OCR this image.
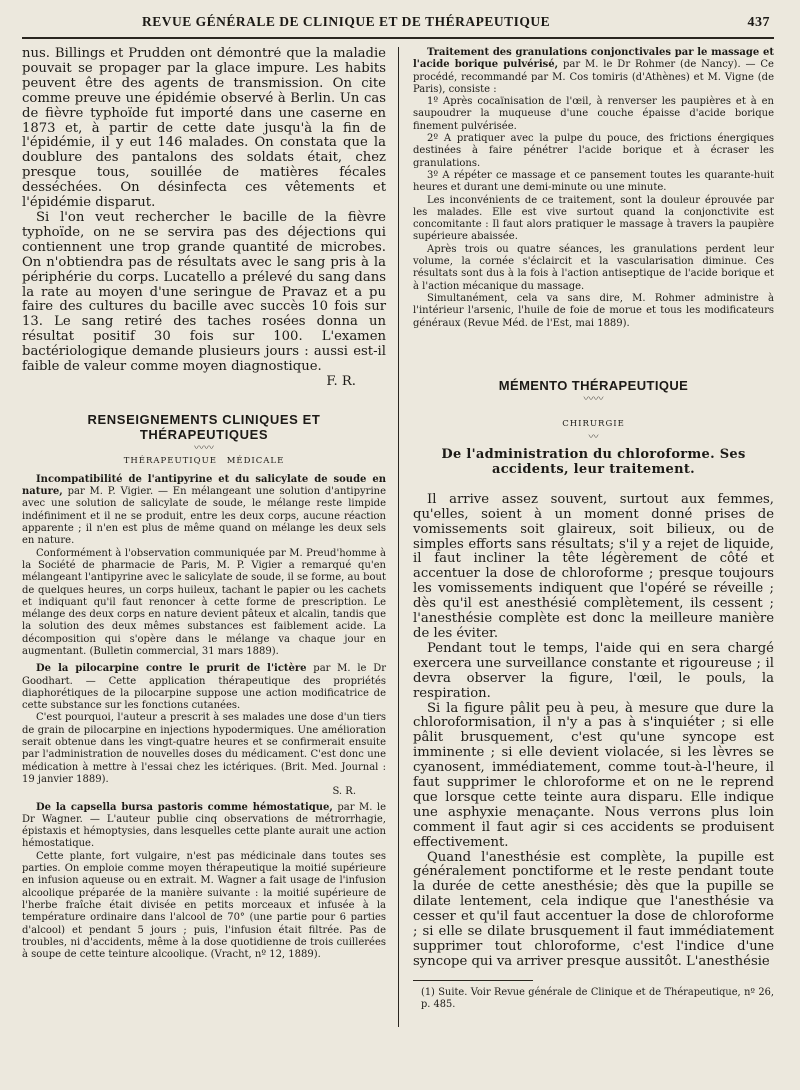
REVUE GÉNÉRALE DE CLINIQUE ET DE THÉRAPEUTIQUE	437

nus. Billings et Prudden ont démontré que la maladie pouvait se propager par la glace impure. Les habits peuvent être des agents de transmission. On cite comme preuve une épidémie observé à Berlin. Un cas de fièvre typhoïde fut importé dans une caserne en 1873 et, à partir de cette date jusqu'à la fin de l'épidémie, il y eut 146 malades. On constata que la doublure des pantalons des soldats était, chez presque tous, souillée de matières fécales desséchées. On désinfecta ces vêtements et l'épidémie disparut.

Si l'on veut rechercher le bacille de la fièvre typhoïde, on ne se servira pas des déjections qui contiennent une trop grande quantité de microbes. On n'obtiendra pas de résultats avec le sang pris à la périphérie du corps. Lucatello a prélevé du sang dans la rate au moyen d'une seringue de Pravaz et a pu faire des cultures du bacille avec succès 10 fois sur 13. Le sang retiré des taches rosées donna un résultat positif 30 fois sur 100. L'examen bactériologique demande plusieurs jours : aussi est-il faible de valeur comme moyen diagnostique.

F. R.

RENSEIGNEMENTS CLINIQUES ET THÉRAPEUTIQUES
〰〰
THÉRAPEUTIQUE MÉDICALE

Incompatibilité de l'antipyrine et du salicylate de soude en nature, par M. P. Vigier. — En mélangeant une solution d'antipyrine avec une solution de salicylate de soude, le mélange reste limpide indéfiniment et il ne se produit, entre les deux corps, aucune réaction apparente ; il n'en est plus de même quand on mélange les deux sels en nature.

Conformément à l'observation communiquée par M. Preud'homme à la Société de pharmacie de Paris, M. P. Vigier a remarqué qu'en mélangeant l'antipyrine avec le salicylate de soude, il se forme, au bout de quelques heures, un corps huileux, tachant le papier ou les cachets et indiquant qu'il faut renoncer à cette forme de prescription. Le mélange des deux corps en nature devient pâteux et alcalin, tandis que la solution des deux mêmes substances est faiblement acide. La décomposition qui s'opère dans le mélange va chaque jour en augmentant. (Bulletin commercial, 31 mars 1889).

De la pilocarpine contre le prurit de l'ictère par M. le Dr Goodhart. — Cette application thérapeutique des propriétés diaphorétiques de la pilocarpine suppose une action modificatrice de cette substance sur les fonctions cutanées.

C'est pourquoi, l'auteur a prescrit à ses malades une dose d'un tiers de grain de pilocarpine en injections hypodermiques. Une amélioration serait obtenue dans les vingt-quatre heures et se confirmerait ensuite par l'administration de nouvelles doses du médicament. C'est donc une médication à mettre à l'essai chez les ictériques. (Brit. Med. Journal : 19 janvier 1889).

S. R.

De la capsella bursa pastoris comme hémostatique, par M. le Dr Wagner. — L'auteur publie cinq observations de métrorrhagie, épistaxis et hémoptysies, dans lesquelles cette plante aurait une action hémostatique.

Cette plante, fort vulgaire, n'est pas médicinale dans toutes ses parties. On emploie comme moyen thérapeutique la moitié supérieure en infusion aqueuse ou en extrait. M. Wagner a fait usage de l'infusion alcoolique préparée de la manière suivante : la moitié supérieure de l'herbe fraîche était divisée en petits morceaux et infusée à la température ordinaire dans l'alcool de 70° (une partie pour 6 parties d'alcool) et pendant 5 jours ; puis, l'infusion était filtrée. Pas de troubles, ni d'accidents, même à la dose quotidienne de trois cuillerées à soupe de cette teinture alcoolique. (Vracht, nº 12, 1889).

Traitement des granulations conjonctivales par le massage et l'acide borique pulvérisé, par M. le Dr Rohmer (de Nancy). — Ce procédé, recommandé par M. Cos tomiris (d'Athènes) et M. Vigne (de Paris), consiste :

1º Après cocaïnisation de l'œil, à renverser les paupières et à en saupoudrer la muqueuse d'une couche épaisse d'acide borique finement pulvérisée.

2º A pratiquer avec la pulpe du pouce, des frictions énergiques destinées à faire pénétrer l'acide borique et à écraser les granulations.

3º A répéter ce massage et ce pansement toutes les quarante-huit heures et durant une demi-minute ou une minute.

Les inconvénients de ce traitement, sont la douleur éprouvée par les malades. Elle est vive surtout quand la conjonctivite est concomitante : Il faut alors pratiquer le massage à travers la paupière supérieure abaissée.

Après trois ou quatre séances, les granulations perdent leur volume, la cornée s'éclaircit et la vascularisation diminue. Ces résultats sont dus à la fois à l'action antiseptique de l'acide borique et à l'action mécanique du massage.

Simultanément, cela va sans dire, M. Rohmer administre à l'intérieur l'arsenic, l'huile de foie de morue et tous les modificateurs généraux (Revue Méd. de l'Est, mai 1889).

MÉMENTO THÉRAPEUTIQUE
〰〰
CHIRURGIE
〰
De l'administration du chloroforme. Ses accidents, leur traitement.

Il arrive assez souvent, surtout aux femmes, qu'elles, soient à un moment donné prises de vomissements soit glaireux, soit bilieux, ou de simples efforts sans résultats; s'il y a rejet de liquide, il faut incliner la tête légèrement de côté et accentuer la dose de chloroforme ; presque toujours les vomissements indiquent que l'opéré se réveille ; dès qu'il est anesthésié complètement, ils cessent ; l'anesthésie complète est donc la meilleure manière de les éviter.

Pendant tout le temps, l'aide qui en sera chargé exercera une surveillance constante et rigoureuse ; il devra observer la figure, l'œil, le pouls, la respiration.

Si la figure pâlit peu à peu, à mesure que dure la chloroformisation, il n'y a pas à s'inquiéter ; si elle pâlit brusquement, c'est qu'une syncope est imminente ; si elle devient violacée, si les lèvres se cyanosent, immédiatement, comme tout-à-l'heure, il faut supprimer le chloroforme et on ne le reprend que lorsque cette teinte aura disparu. Elle indique une asphyxie menaçante. Nous verrons plus loin comment il faut agir si ces accidents se produisent effectivement.

Quand l'anesthésie est complète, la pupille est généralement ponctiforme et le reste pendant toute la durée de cette anesthésie; dès que la pupille se dilate lentement, cela indique que l'anesthésie va cesser et qu'il faut accentuer la dose de chloroforme ; si elle se dilate brusquement il faut immédiatement supprimer tout chloroforme, c'est l'indice d'une syncope qui va arriver presque aussitôt. L'anesthésie

(1) Suite. Voir Revue générale de Clinique et de Thérapeutique, nº 26, p. 485.
